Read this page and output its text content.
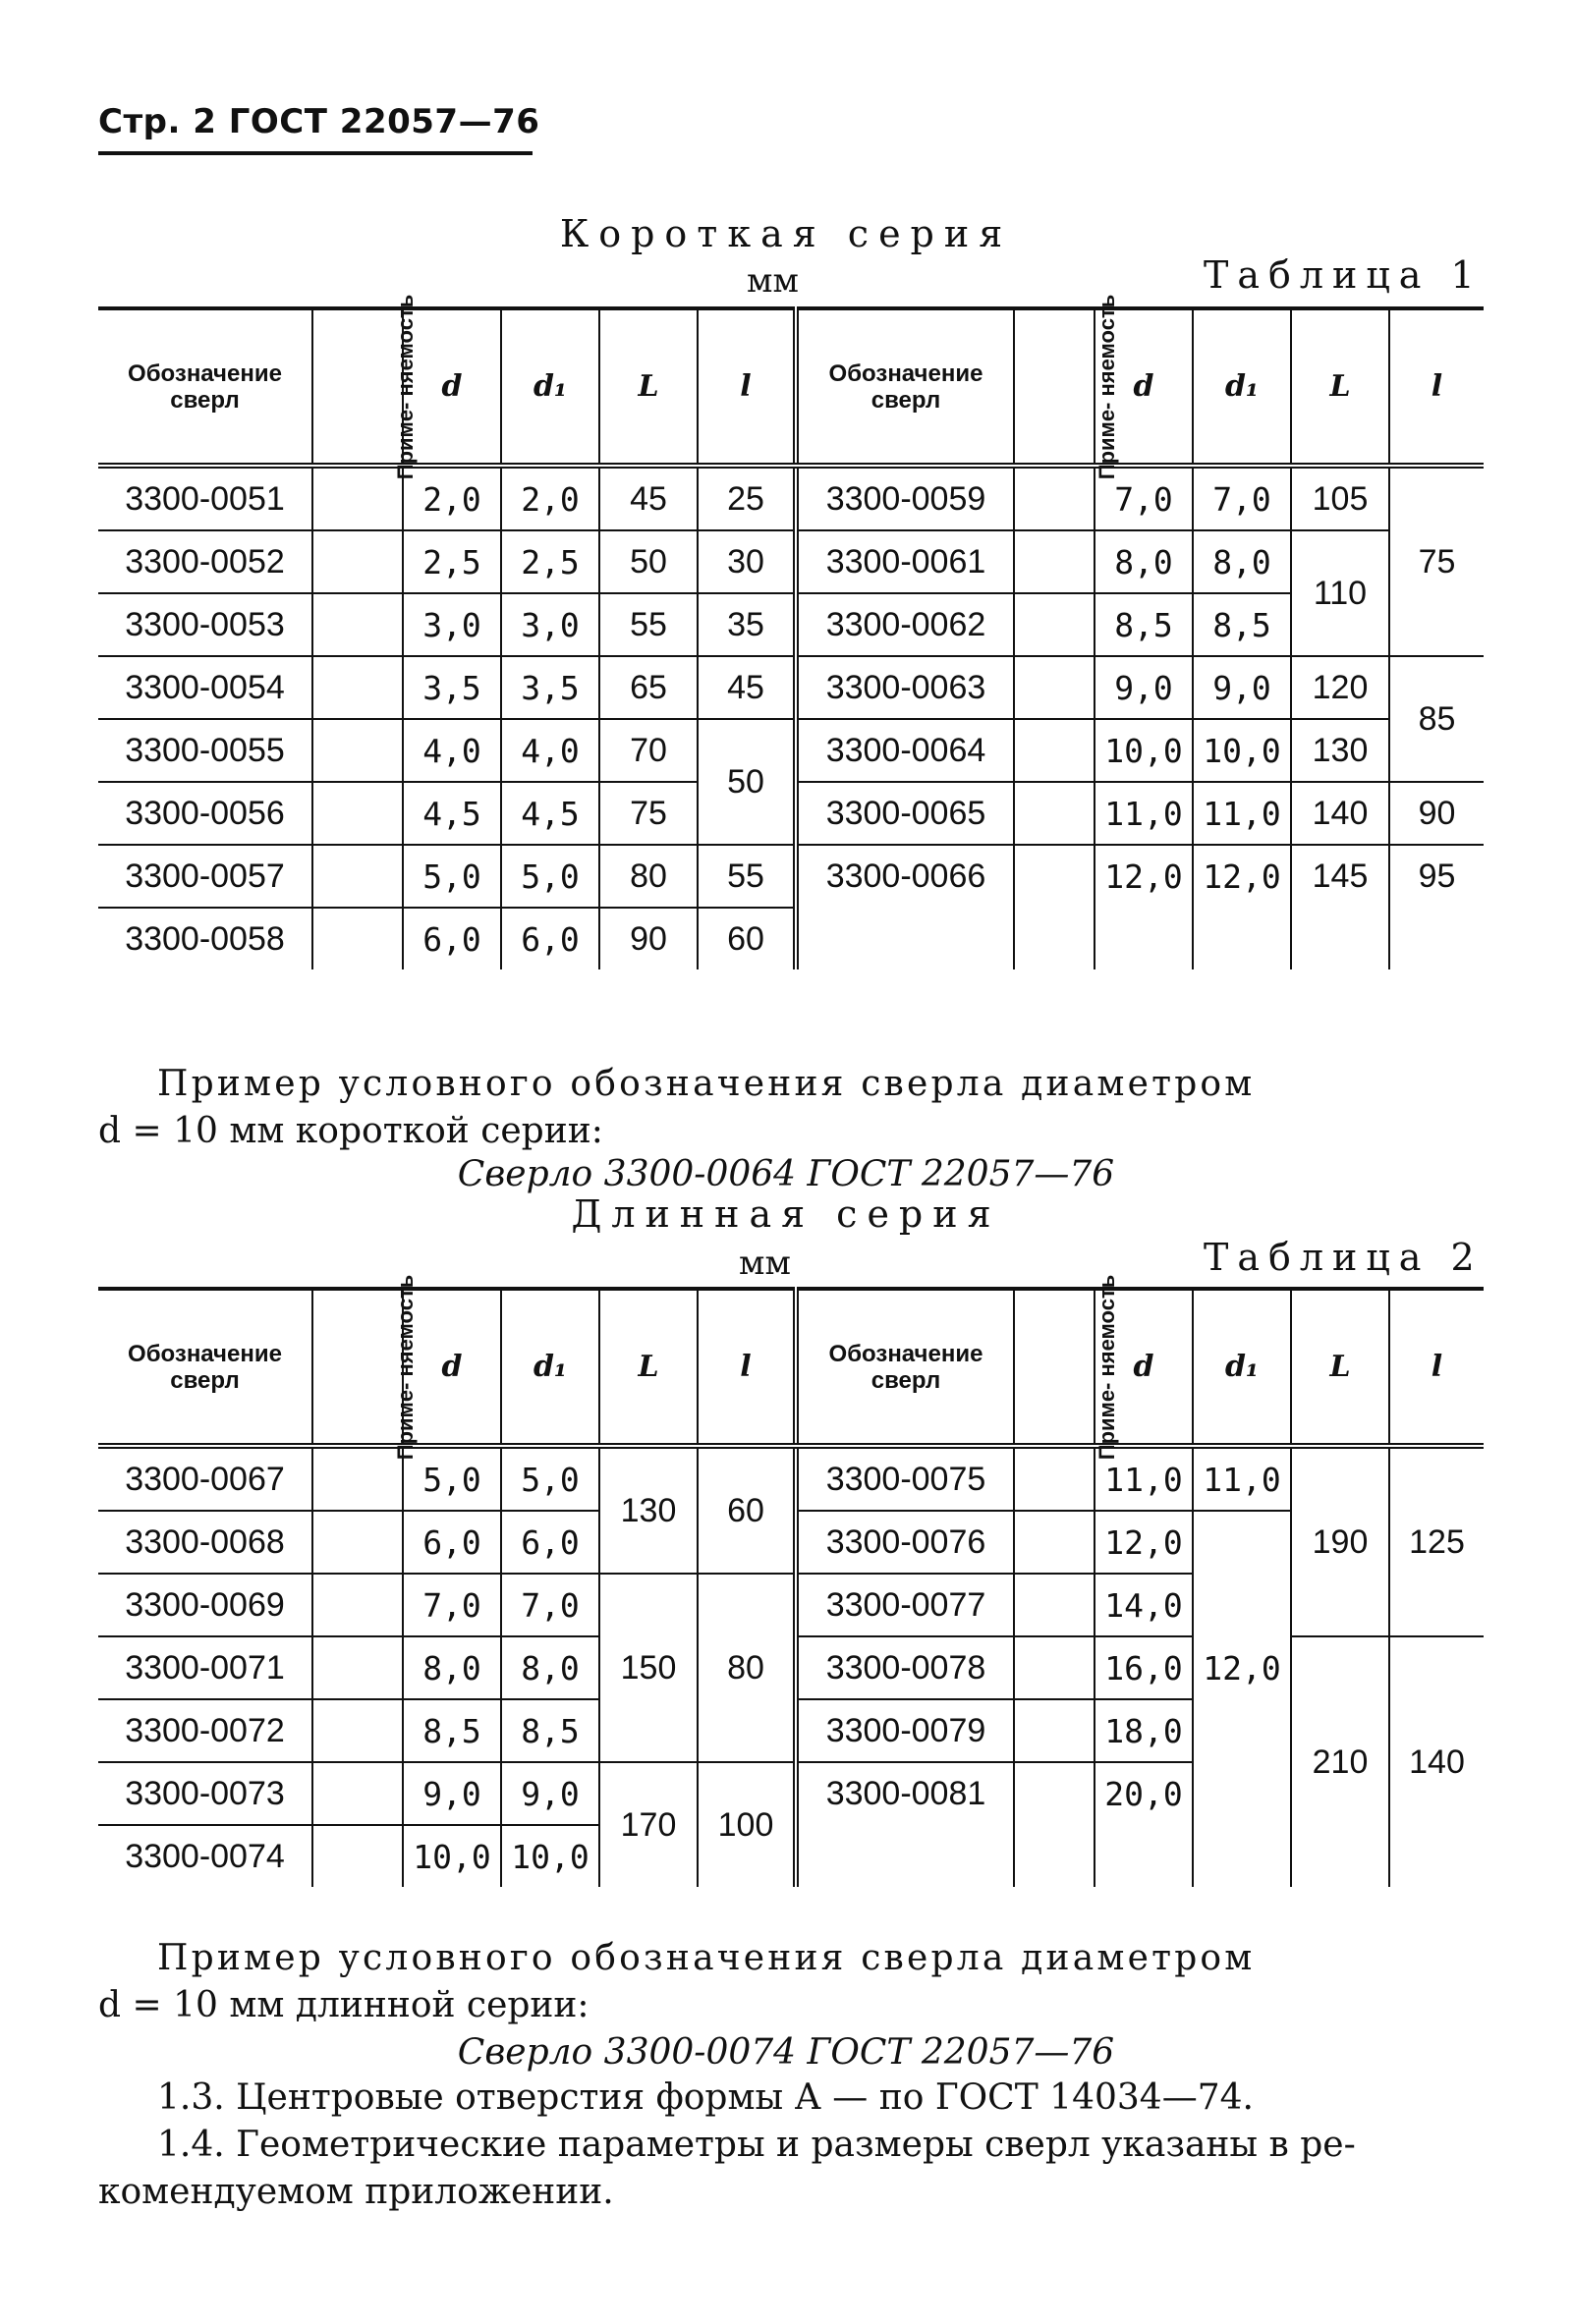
Стр. 2 ГОСТ 22057—76
Короткая серия
мм	Таблица 1
Обозначение сверл	Приме- няемость	d	d₁	L	l	Обозначение сверл	Приме- няемость	d	d₁	L	l
3300-0051		2,0	2,0	45	25	3300-0059		7,0	7,0	105	75
3300-0052		2,5	2,5	50	30	3300-0061		8,0	8,0	110	
3300-0053		3,0	3,0	55	35	3300-0062		8,5	8,5		
3300-0054		3,5	3,5	65	45	3300-0063		9,0	9,0	120	85
3300-0055		4,0	4,0	70	50	3300-0064		10,0	10,0	130	
3300-0056		4,5	4,5	75		3300-0065		11,0	11,0	140	90
3300-0057		5,0	5,0	80	55	3300-0066		12,0	12,0	145	95
3300-0058		6,0	6,0	90	60						
Пример условного обозначения сверла диаметром
d = 10 мм короткой серии:
Сверло 3300-0064 ГОСТ 22057—76
Длинная серия
мм	Таблица 2
Обозначение сверл	Приме- няемость	d	d₁	L	l	Обозначение сверл	Приме- няемость	d	d₁	L	l
3300-0067		5,0	5,0	130	60	3300-0075		11,0	11,0	190	125
3300-0068		6,0	6,0			3300-0076		12,0	12,0		
3300-0069		7,0	7,0	150	80	3300-0077		14,0			
3300-0071		8,0	8,0			3300-0078		16,0		210	140
3300-0072		8,5	8,5			3300-0079		18,0			
3300-0073		9,0	9,0	170	100	3300-0081		20,0			
3300-0074		10,0	10,0								
Пример условного обозначения сверла диаметром
d = 10 мм длинной серии:
Сверло 3300-0074 ГОСТ 22057—76
1.3. Центровые отверстия формы А — по ГОСТ 14034—74.
1.4. Геометрические параметры и размеры сверл указаны в ре-
комендуемом приложении.
